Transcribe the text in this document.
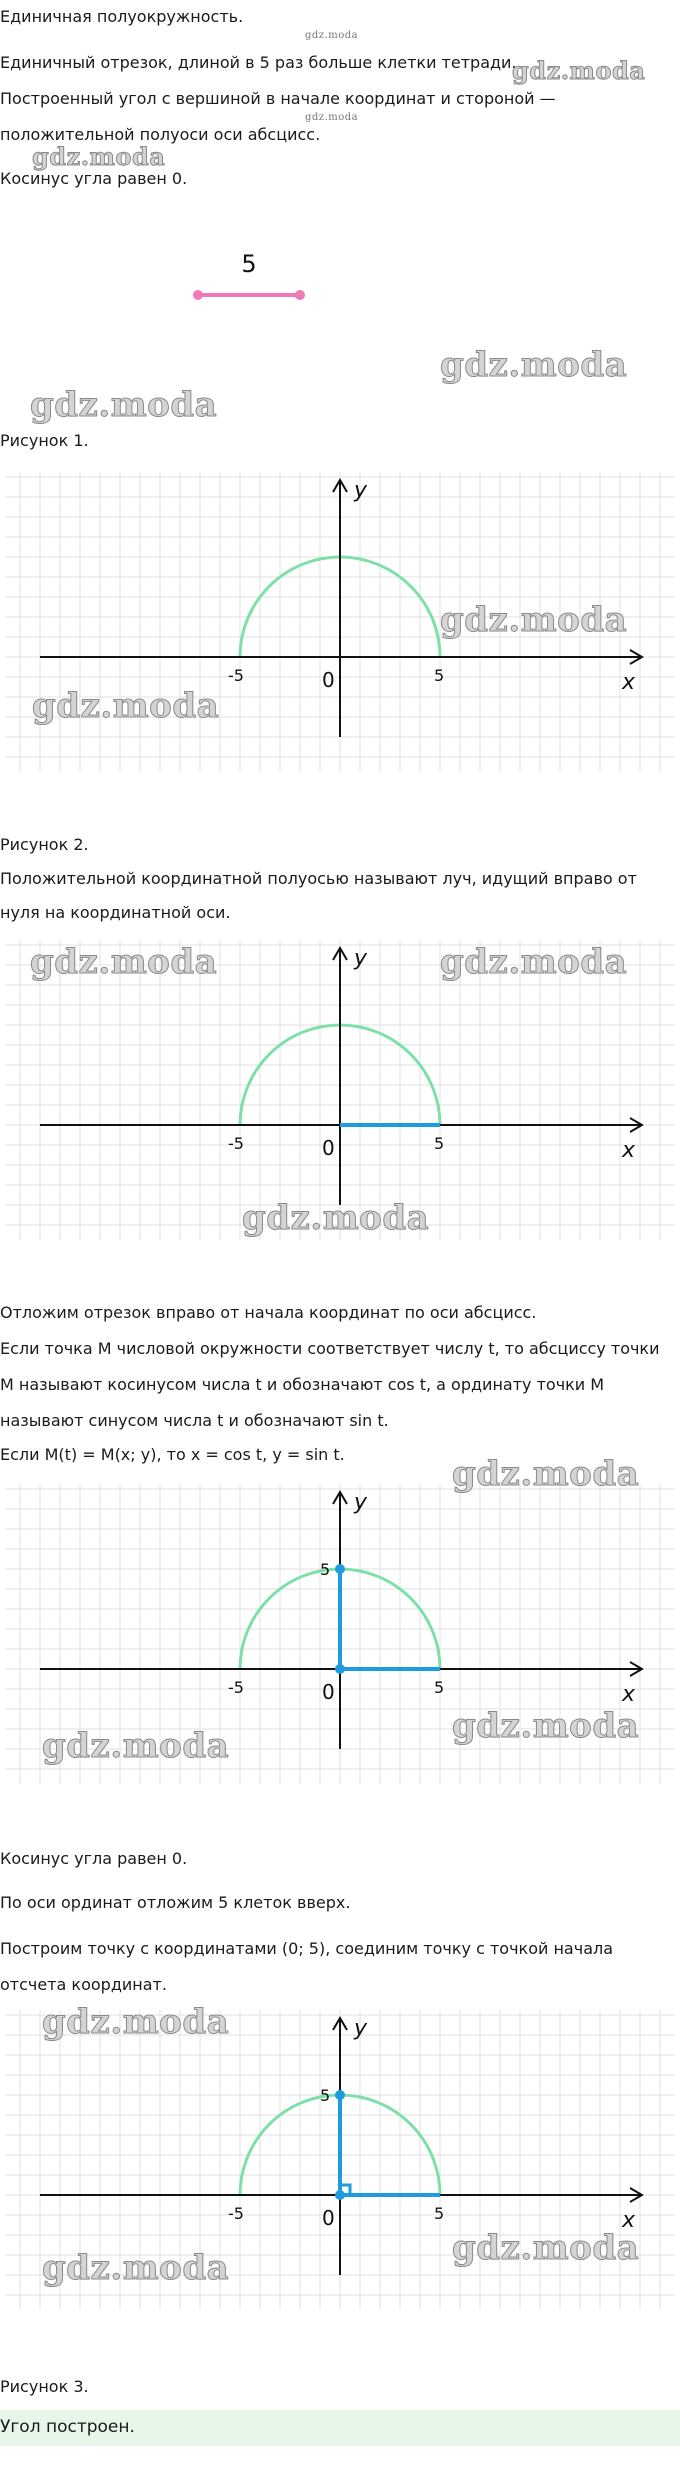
Единичная полуокружность.
gdz.moda
Единичный отрезок, длиной в 5 раз больше клетки тетради.
gdz.moda
Построенный угол с вершиной в начале координат и стороной —
gdz.moda
положительной полуоси оси абсцисс.
gdz.moda
Косинус угла равен 0.
5
gdz.moda
gdz.moda
Рисунок 1.
y
x
0
-5	5
gdz.moda
gdz.moda
Рисунок 2.
Положительной координатной полуосью называют луч, идущий вправо от
нуля на координатной оси.
y
x
0
-5	5
gdz.moda	gdz.moda
gdz.moda
Отложим отрезок вправо от начала координат по оси абсцисс.
Если точка M числовой окружности соответствует числу t, то абсциссу точки
M называют косинусом числа t и обозначают cos t, а ординату точки M
называют синусом числа t и обозначают sin t.
Если M(t) = M(x; y), то x = cos t, y = sin t.
y
x
0
-5	5
5
gdz.moda
gdz.moda
gdz.moda
Косинус угла равен 0.
По оси ординат отложим 5 клеток вверх.
Построим точку с координатами (0; 5), соединим точку с точкой начала
отсчета координат.
y
x
0
-5	5
5
gdz.moda
gdz.moda
gdz.moda
Рисунок 3.
Угол построен.
